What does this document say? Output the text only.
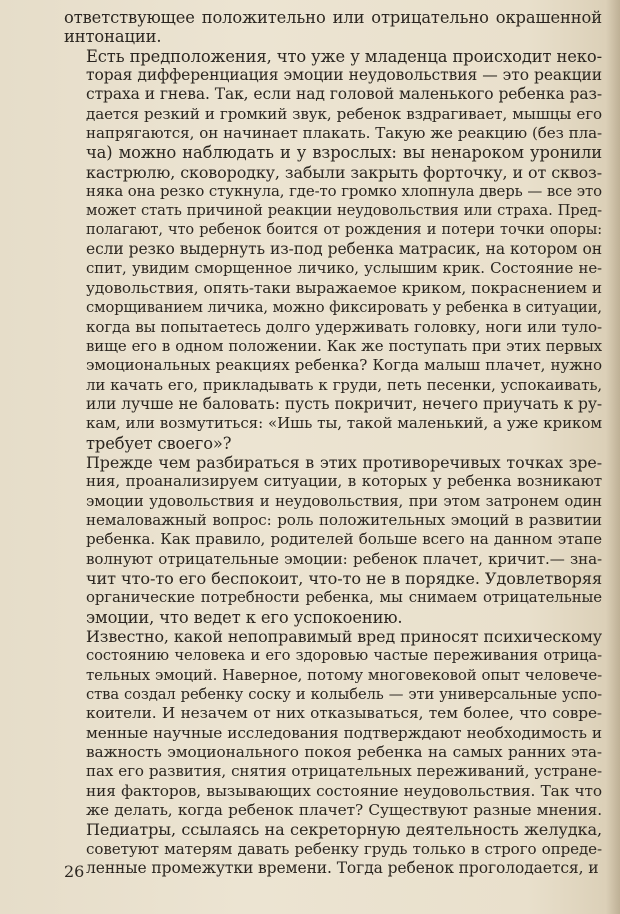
ответствующее положительно или отрицательно окрашенной
интонации.

Есть предположения, что уже у младенца происходит неко-
торая дифференциация эмоции неудовольствия — это реакции
страха и гнева. Так, если над головой маленького ребенка раз-
дается резкий и громкий звук, ребенок вздрагивает, мышцы его
напрягаются, он начинает плакать. Такую же реакцию (без пла-
ча) можно наблюдать и у взрослых: вы ненароком уронили
кастрюлю, сковородку, забыли закрыть форточку, и от сквоз-
няка она резко стукнула, где-то громко хлопнула дверь — все это
может стать причиной реакции неудовольствия или страха. Пред-
полагают, что ребенок боится от рождения и потери точки опоры:
если резко выдернуть из-под ребенка матрасик, на котором он
спит, увидим сморщенное личико, услышим крик. Состояние не-
удовольствия, опять-таки выражаемое криком, покраснением и
сморщиванием личика, можно фиксировать у ребенка в ситуации,
когда вы попытаетесь долго удерживать головку, ноги или туло-
вище его в одном положении. Как же поступать при этих первых
эмоциональных реакциях ребенка? Когда малыш плачет, нужно
ли качать его, прикладывать к груди, петь песенки, успокаивать,
или лучше не баловать: пусть покричит, нечего приучать к ру-
кам, или возмутиться: «Ишь ты, такой маленький, а уже криком
требует своего»?

Прежде чем разбираться в этих противоречивых точках зре-
ния, проанализируем ситуации, в которых у ребенка возникают
эмоции удовольствия и неудовольствия, при этом затронем один
немаловажный вопрос: роль положительных эмоций в развитии
ребенка. Как правило, родителей больше всего на данном этапе
волнуют отрицательные эмоции: ребенок плачет, кричит.— зна-
чит что-то его беспокоит, что-то не в порядке. Удовлетворяя
органические потребности ребенка, мы снимаем отрицательные
эмоции, что ведет к его успокоению.

Известно, какой непоправимый вред приносят психическому
состоянию человека и его здоровью частые переживания отрица-
тельных эмоций. Наверное, потому многовековой опыт человече-
ства создал ребенку соску и колыбель — эти универсальные успо-
коители. И незачем от них отказываться, тем более, что совре-
менные научные исследования подтверждают необходимость и
важность эмоционального покоя ребенка на самых ранних эта-
пах его развития, снятия отрицательных переживаний, устране-
ния факторов, вызывающих состояние неудовольствия. Так что
же делать, когда ребенок плачет? Существуют разные мнения.
Педиатры, ссылаясь на секреторную деятельность желудка,
советуют матерям давать ребенку грудь только в строго опреде-
ленные промежутки времени. Тогда ребенок проголодается, и

26
